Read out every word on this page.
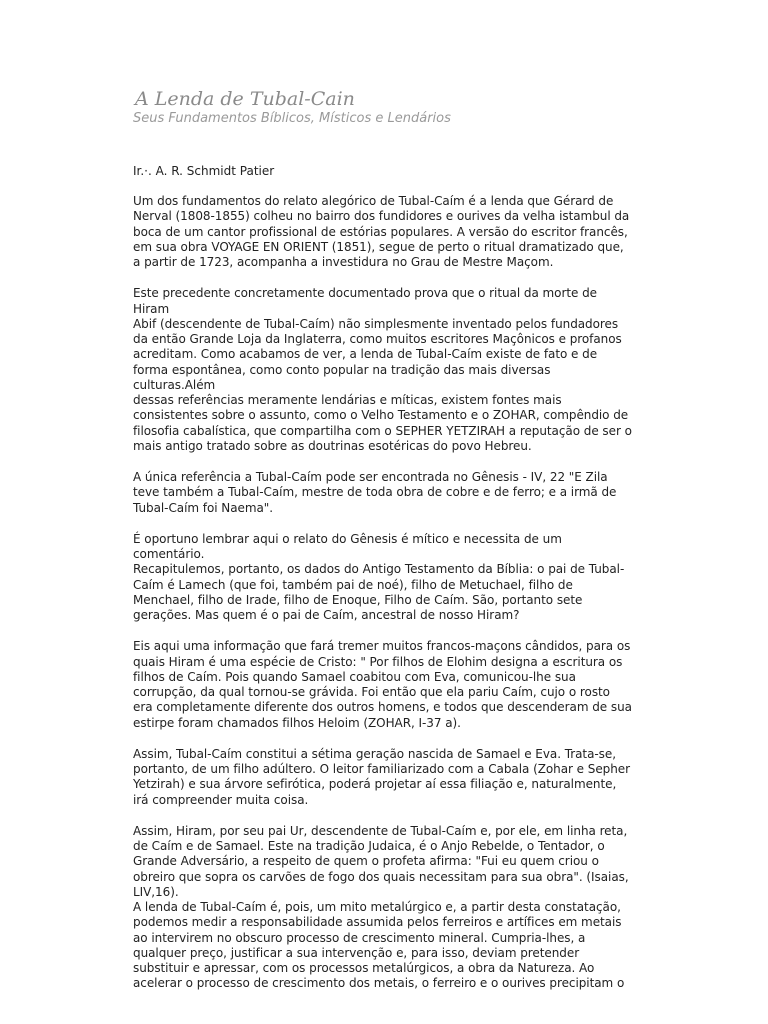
A Lenda de Tubal-Cain
Seus Fundamentos Bíblicos, Místicos e Lendários

Ir.·. A. R. Schmidt Patier

Um dos fundamentos do relato alegórico de Tubal-Caím é a lenda que Gérard de
Nerval (1808-1855) colheu no bairro dos fundidores e ourives da velha istambul da
boca de um cantor profissional de estórias populares. A versão do escritor francês,
em sua obra VOYAGE EN ORIENT (1851), segue de perto o ritual dramatizado que,
a partir de 1723, acompanha a investidura no Grau de Mestre Maçom.

Este precedente concretamente documentado prova que o ritual da morte de Hiram
Abif (descendente de Tubal-Caím) não simplesmente inventado pelos fundadores
da então Grande Loja da Inglaterra, como muitos escritores Maçônicos e profanos
acreditam. Como acabamos de ver, a lenda de Tubal-Caím existe de fato e de
forma espontânea, como conto popular na tradição das mais diversas culturas.Além
dessas referências meramente lendárias e míticas, existem fontes mais
consistentes sobre o assunto, como o Velho Testamento e o ZOHAR, compêndio de
filosofia cabalística, que compartilha com o SEPHER YETZIRAH a reputação de ser o
mais antigo tratado sobre as doutrinas esotéricas do povo Hebreu.

A única referência a Tubal-Caím pode ser encontrada no Gênesis - IV, 22 "E Zila
teve também a Tubal-Caím, mestre de toda obra de cobre e de ferro; e a irmã de
Tubal-Caím foi Naema".

É oportuno lembrar aqui o relato do Gênesis é mítico e necessita de um comentário.
Recapitulemos, portanto, os dados do Antigo Testamento da Bíblia: o pai de Tubal-
Caím é Lamech (que foi, também pai de noé), filho de Metuchael, filho de
Menchael, filho de Irade, filho de Enoque, Filho de Caím. São, portanto sete
gerações. Mas quem é o pai de Caím, ancestral de nosso Hiram?

Eis aqui uma informação que fará tremer muitos francos-maçons cândidos, para os
quais Hiram é uma espécie de Cristo: " Por filhos de Elohim designa a escritura os
filhos de Caím. Pois quando Samael coabitou com Eva, comunicou-lhe sua
corrupção, da qual tornou-se grávida. Foi então que ela pariu Caím, cujo o rosto
era completamente diferente dos outros homens, e todos que descenderam de sua
estirpe foram chamados filhos Heloim (ZOHAR, I-37 a).

Assim, Tubal-Caím constitui a sétima geração nascida de Samael e Eva. Trata-se,
portanto, de um filho adúltero. O leitor familiarizado com a Cabala (Zohar e Sepher
Yetzirah) e sua árvore sefirótica, poderá projetar aí essa filiação e, naturalmente,
irá compreender muita coisa.

Assim, Hiram, por seu pai Ur, descendente de Tubal-Caím e, por ele, em linha reta,
de Caím e de Samael. Este na tradição Judaica, é o Anjo Rebelde, o Tentador, o
Grande Adversário, a respeito de quem o profeta afirma: "Fui eu quem criou o
obreiro que sopra os carvões de fogo dos quais necessitam para sua obra". (Isaias,
LIV,16).

A lenda de Tubal-Caím é, pois, um mito metalúrgico e, a partir desta constatação,
podemos medir a responsabilidade assumida pelos ferreiros e artífices em metais
ao intervirem no obscuro processo de crescimento mineral. Cumpria-lhes, a
qualquer preço, justificar a sua intervenção e, para isso, deviam pretender
substituir e apressar, com os processos metalúrgicos, a obra da Natureza. Ao
acelerar o processo de crescimento dos metais, o ferreiro e o ourives precipitam o
